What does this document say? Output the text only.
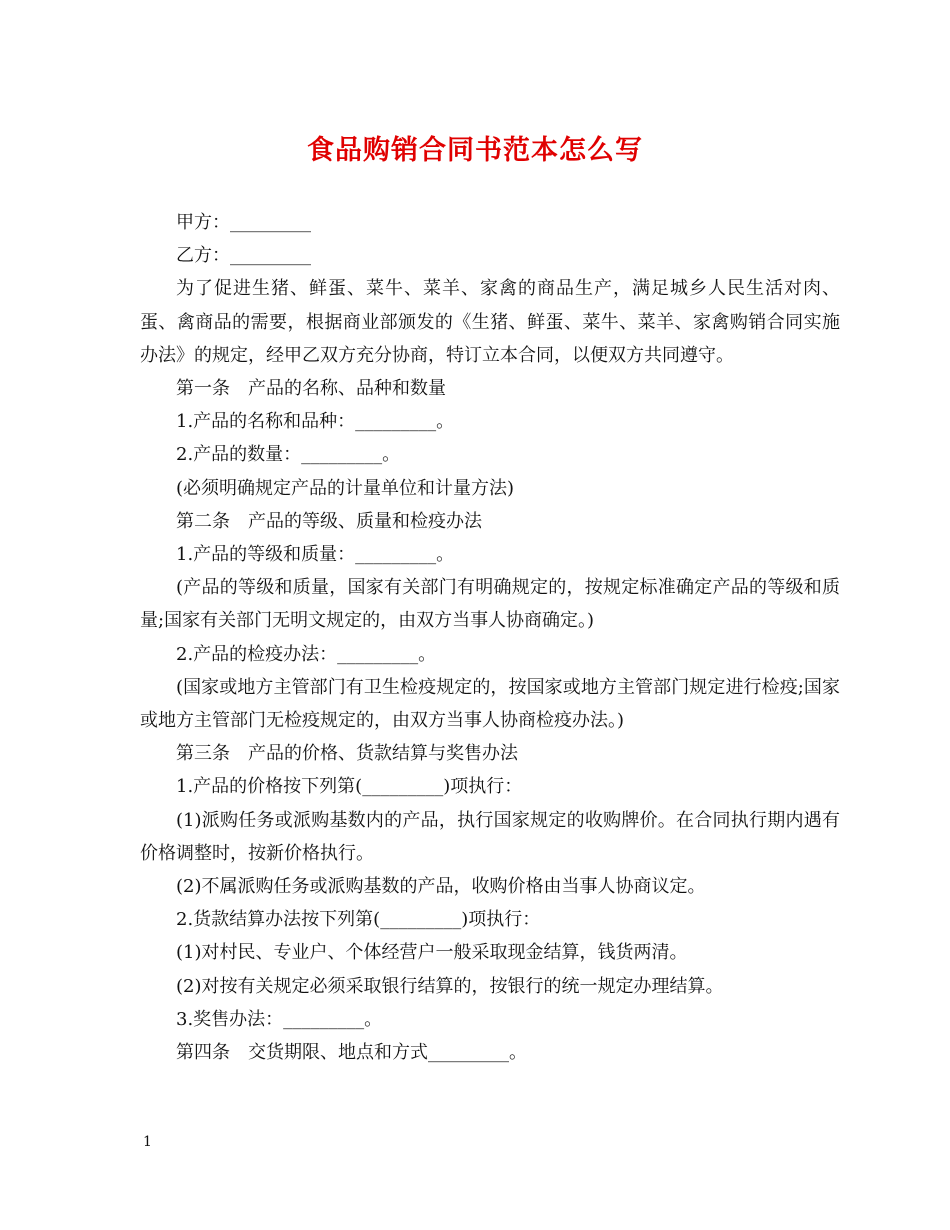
食品购销合同书范本怎么写

甲方：_________

乙方：_________

为了促进生猪、鲜蛋、菜牛、菜羊、家禽的商品生产，满足城乡人民生活对肉、蛋、禽商品的需要，根据商业部颁发的《生猪、鲜蛋、菜牛、菜羊、家禽购销合同实施办法》的规定，经甲乙双方充分协商，特订立本合同，以便双方共同遵守。

第一条　产品的名称、品种和数量

1.产品的名称和品种：_________。

2.产品的数量：_________。

(必须明确规定产品的计量单位和计量方法)

第二条　产品的等级、质量和检疫办法

1.产品的等级和质量：_________。

(产品的等级和质量，国家有关部门有明确规定的，按规定标准确定产品的等级和质量;国家有关部门无明文规定的，由双方当事人协商确定。)

2.产品的检疫办法：_________。

(国家或地方主管部门有卫生检疫规定的，按国家或地方主管部门规定进行检疫;国家或地方主管部门无检疫规定的，由双方当事人协商检疫办法。)

第三条　产品的价格、货款结算与奖售办法

1.产品的价格按下列第(_________)项执行：

(1)派购任务或派购基数内的产品，执行国家规定的收购牌价。在合同执行期内遇有价格调整时，按新价格执行。

(2)不属派购任务或派购基数的产品，收购价格由当事人协商议定。

2.货款结算办法按下列第(_________)项执行：

(1)对村民、专业户、个体经营户一般采取现金结算，钱货两清。

(2)对按有关规定必须采取银行结算的，按银行的统一规定办理结算。

3.奖售办法：_________。

第四条　交货期限、地点和方式_________。

1
